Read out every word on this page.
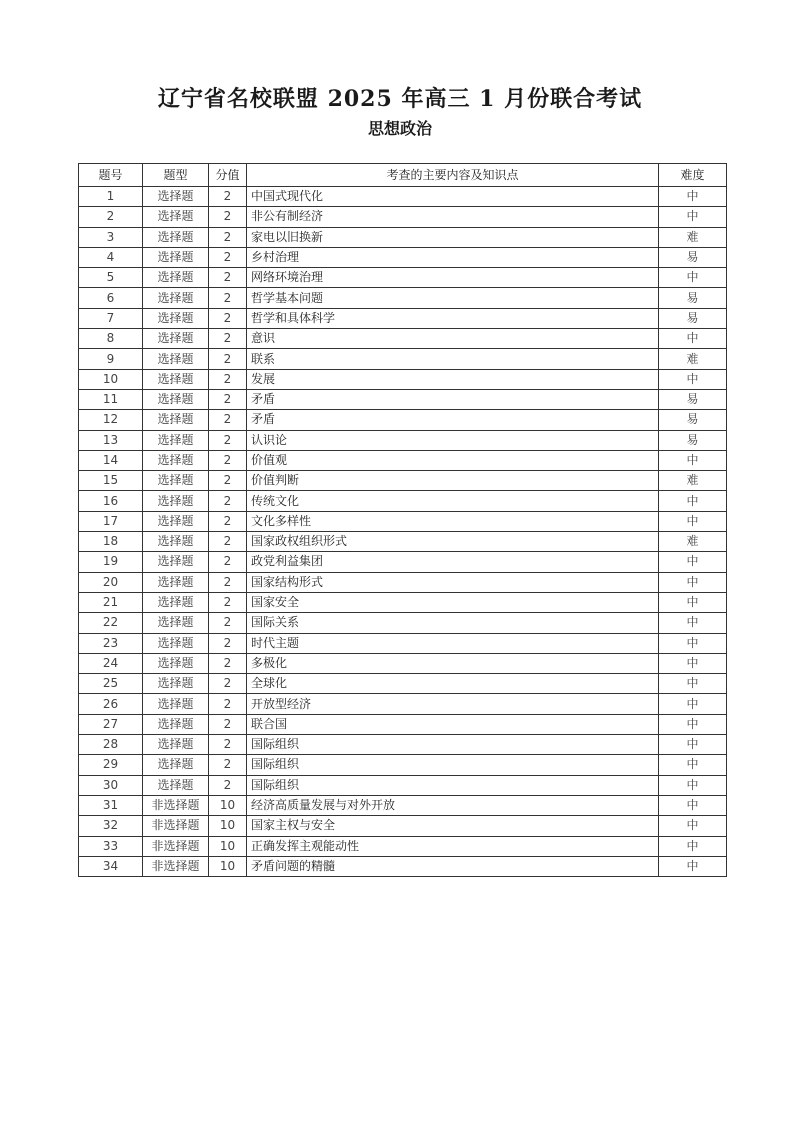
辽宁省名校联盟 2025 年高三 1 月份联合考试
思想政治
题号	题型	分值	考查的主要内容及知识点	难度
1	选择题	2	中国式现代化	中
2	选择题	2	非公有制经济	中
3	选择题	2	家电以旧换新	难
4	选择题	2	乡村治理	易
5	选择题	2	网络环境治理	中
6	选择题	2	哲学基本问题	易
7	选择题	2	哲学和具体科学	易
8	选择题	2	意识	中
9	选择题	2	联系	难
10	选择题	2	发展	中
11	选择题	2	矛盾	易
12	选择题	2	矛盾	易
13	选择题	2	认识论	易
14	选择题	2	价值观	中
15	选择题	2	价值判断	难
16	选择题	2	传统文化	中
17	选择题	2	文化多样性	中
18	选择题	2	国家政权组织形式	难
19	选择题	2	政党利益集团	中
20	选择题	2	国家结构形式	中
21	选择题	2	国家安全	中
22	选择题	2	国际关系	中
23	选择题	2	时代主题	中
24	选择题	2	多极化	中
25	选择题	2	全球化	中
26	选择题	2	开放型经济	中
27	选择题	2	联合国	中
28	选择题	2	国际组织	中
29	选择题	2	国际组织	中
30	选择题	2	国际组织	中
31	非选择题	10	经济高质量发展与对外开放	中
32	非选择题	10	国家主权与安全	中
33	非选择题	10	正确发挥主观能动性	中
34	非选择题	10	矛盾问题的精髓	中
